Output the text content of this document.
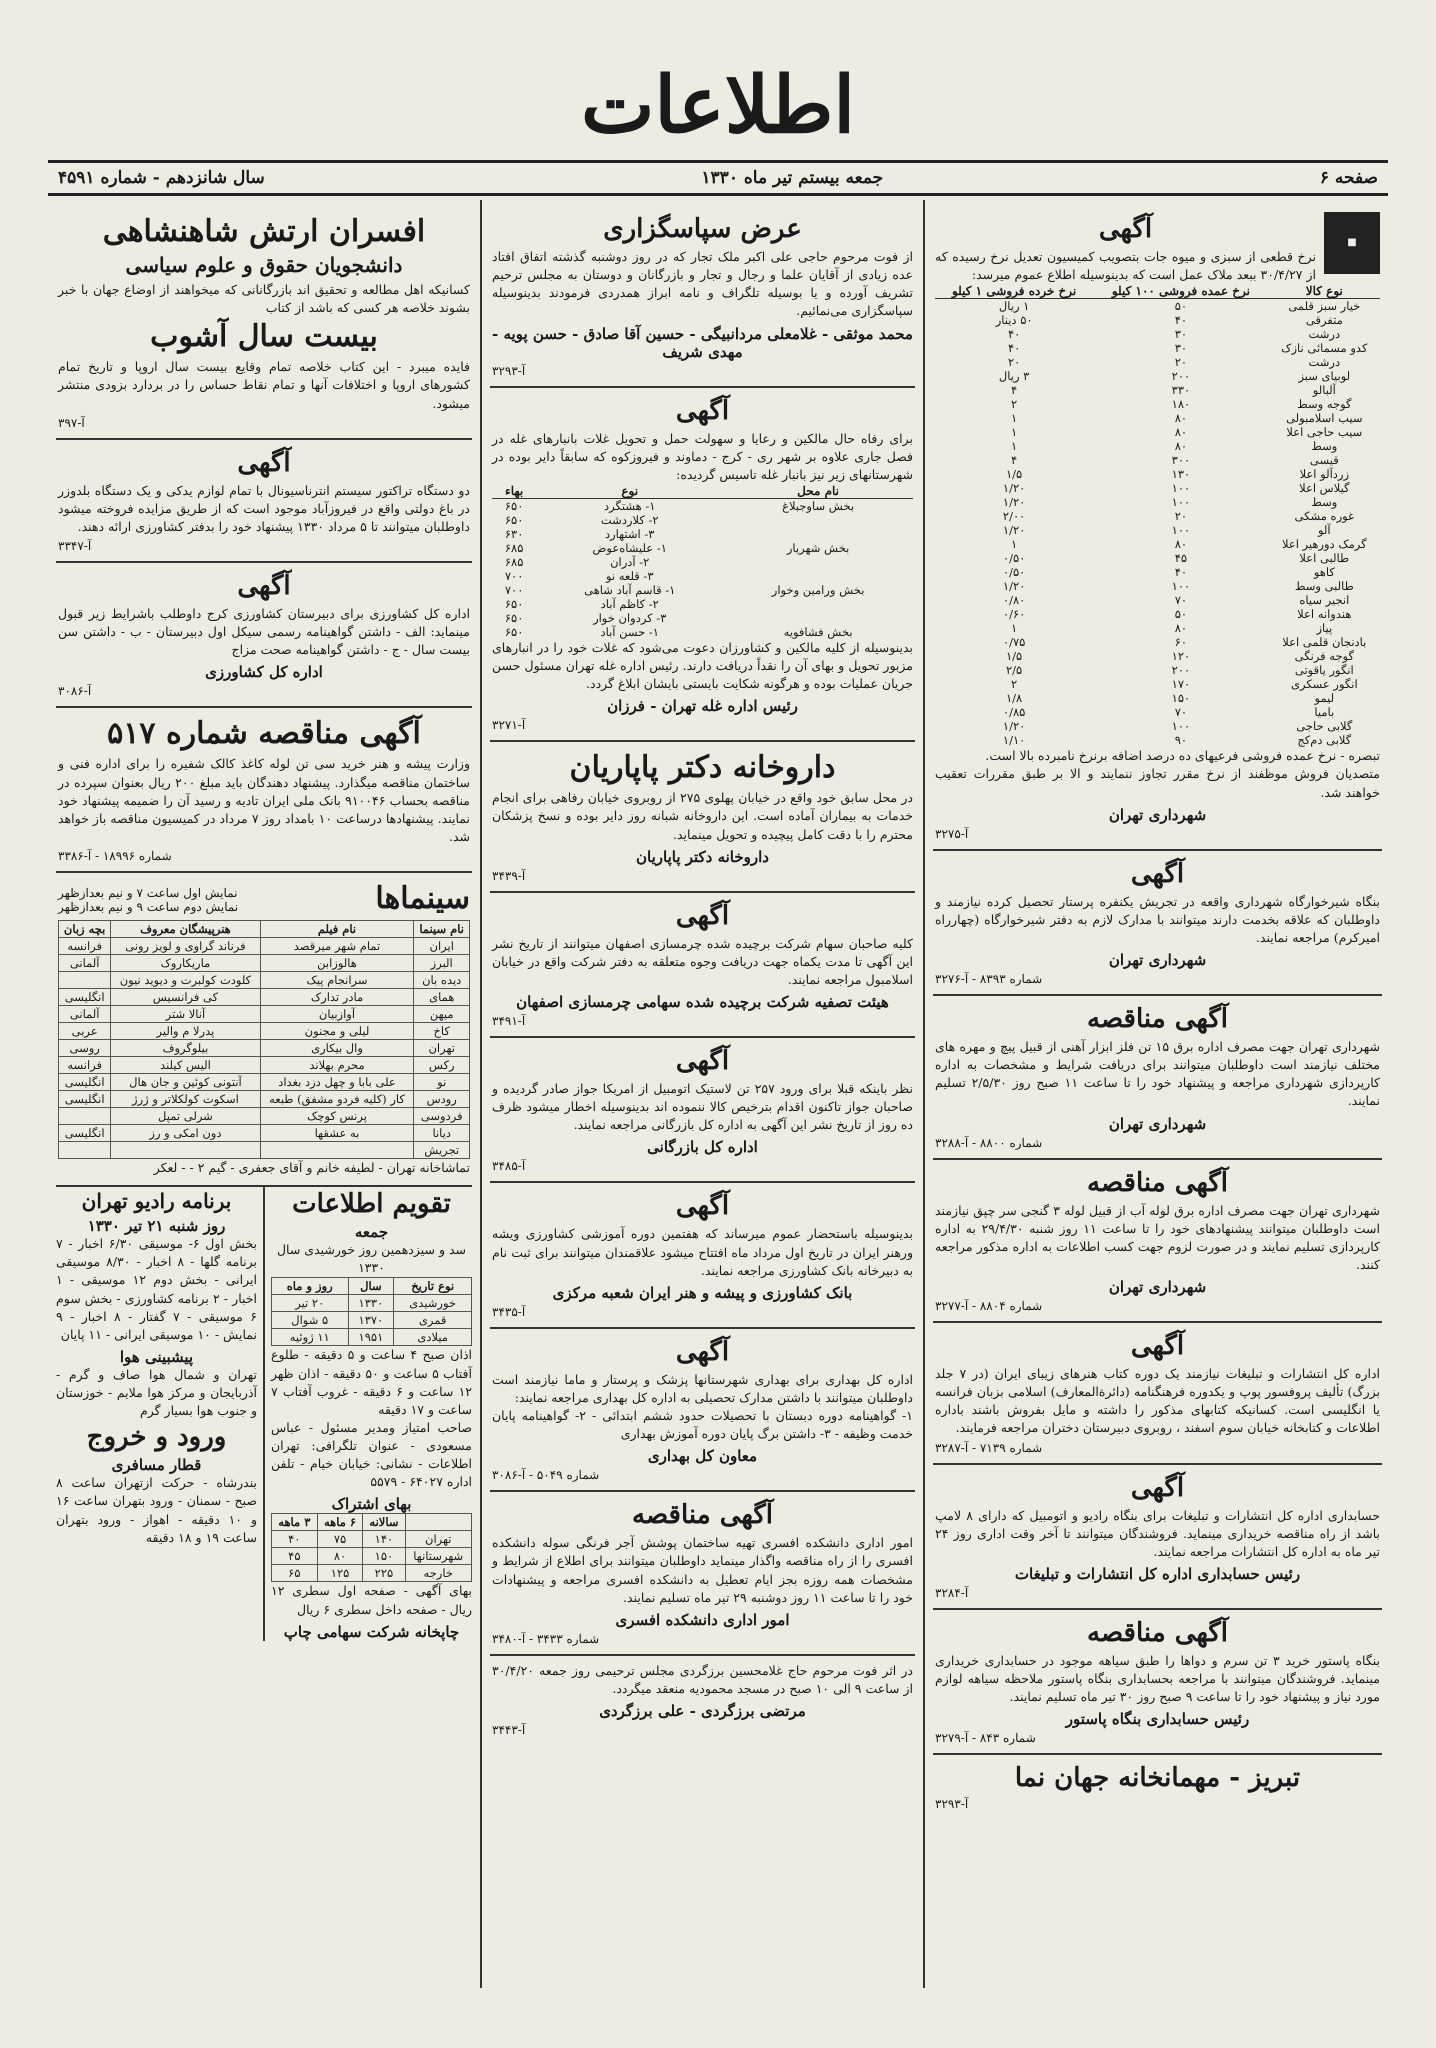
اطلاعات
صفحه ۶
جمعه بیستم تیر ماه ۱۳۳۰
سال شانزدهم - شماره ۴۵۹۱
■
آگهی
نرخ قطعی از سبزی و میوه جات بتصویب کمیسیون تعدیل نرخ رسیده که از ۳۰/۴/۲۷ ببعد ملاک عمل است که بدینوسیله اطلاع عموم میرسد:
نوع کالا	نرخ عمده فروشی ۱۰۰ کیلو	نرخ خرده فروشی ۱ کیلو
خیار سبز قلمی	۵۰	۱ ریال
متفرقی	۴۰	۵۰ دینار
درشت	۳۰	۴۰
کدو مسمائی نازک	۳۰	۴۰
درشت	۲۰	۲۰
لوبیای سبز	۲۰۰	۳ ریال
آلبالو	۳۳۰	۴
گوجه وسط	۱۸۰	۲
سیب اسلامبولی	۸۰	۱
سیب حاجی اعلا	۸۰	۱
وسط	۸۰	۱
قیسی	۳۰۰	۴
زردآلو اعلا	۱۳۰	۱/۵
گیلاس اعلا	۱۰۰	۱/۲۰
وسط	۱۰۰	۱/۲۰
غوره مشکی	۲۰	۲/۰۰
آلو	۱۰۰	۱/۲۰
گرمک دورهیر اعلا	۸۰	۱
طالبی اعلا	۴۵	۰/۵۰
کاهو	۴۰	۰/۵۰
طالبی وسط	۱۰۰	۱/۲۰
انجیر سیاه	۷۰	۰/۸۰
هندوانه اعلا	۵۰	۰/۶۰
پیاز	۸۰	۱
بادنجان قلمی اعلا	۶۰	۰/۷۵
گوجه فرنگی	۱۲۰	۱/۵
انگور یاقوتی	۲۰۰	۲/۵
انگور عسکری	۱۷۰	۲
لیمو	۱۵۰	۱/۸
بامیا	۷۰	۰/۸۵
گلابی حاجی	۱۰۰	۱/۲۰
گلابی دم‌کج	۹۰	۱/۱۰
تبصره - نرخ عمده فروشی فرعیهای ده درصد اضافه برنرخ نامبرده بالا است.
متصدیان فروش موظفند از نرخ مقرر تجاوز ننمایند و الا بر طبق مقررات تعقیب خواهند شد.
شهرداری تهران
آ-۳۲۷۵
آگهی
بنگاه شیرخوارگاه شهرداری واقعه در تجریش یکنفره پرستار تحصیل کرده نیازمند و داوطلبان که علاقه بخدمت دارند میتوانند با مدارک لازم به دفتر شیرخوارگاه (چهارراه امیرکرم) مراجعه نمایند.
شهرداری تهران
شماره ۸۳۹۳ - آ-۳۲۷۶
آگهی مناقصه
شهرداری تهران جهت مصرف اداره برق ۱۵ تن فلز ابزار آهنی از قبیل پیچ و مهره های مختلف نیازمند است داوطلبان میتوانند برای دریافت شرایط و مشخصات به اداره کارپردازی شهرداری مراجعه و پیشنهاد خود را تا ساعت ۱۱ صبح روز ۲/۵/۳۰ تسلیم نمایند.
شهرداری تهران
شماره ۸۸۰۰ - آ-۳۲۸۸
آگهی مناقصه
شهرداری تهران جهت مصرف اداره برق لوله آب از قبیل لوله ۳ گنجی سر چپق نیازمند است داوطلبان میتوانند پیشنهادهای خود را تا ساعت ۱۱ روز شنبه ۲۹/۴/۳۰ به اداره کارپردازی تسلیم نمایند و در صورت لزوم جهت کسب اطلاعات به اداره مذکور مراجعه کنند.
شهرداری تهران
شماره ۸۸۰۴ - آ-۳۲۷۷
آگهی
اداره کل انتشارات و تبلیغات نیازمند یک دوره کتاب هنرهای زیبای ایران (در ۷ جلد بزرگ) تألیف پروفسور پوپ و یکدوره فرهنگنامه (دائرةالمعارف) اسلامی بزبان فرانسه یا انگلیسی است. کسانیکه کتابهای مذکور را داشته و مایل بفروش باشند باداره اطلاعات و کتابخانه خیابان سوم اسفند ، روبروی دبیرستان دختران مراجعه فرمایند.
شماره ۷۱۳۹ - آ-۳۲۸۷
آگهی
حسابداری اداره کل انتشارات و تبلیغات برای بنگاه رادیو و اتومبیل که دارای ۸ لامپ باشد از راه مناقصه خریداری مینماید. فروشندگان میتوانند تا آخر وقت اداری روز ۲۴ تیر ماه به اداره کل انتشارات مراجعه نمایند.
رئیس حسابداری اداره کل انتشارات و تبلیغات
آ-۳۲۸۴
آگهی مناقصه
بنگاه پاستور خرید ۳ تن سرم و دواها را طبق سیاهه موجود در حسابداری خریداری مینماید. فروشندگان میتوانند با مراجعه بحسابداری بنگاه پاستور ملاحظه سیاهه لوازم مورد نیاز و پیشنهاد خود را تا ساعت ۹ صبح روز ۳۰ تیر ماه تسلیم نمایند.
رئیس حسابداری بنگاه پاستور
شماره ۸۴۳ - آ-۳۲۷۹
تبریز - مهمانخانه جهان نما
آ-۳۲۹۳
عرض سپاسگزاری
از فوت مرحوم حاجی علی اکبر ملک تجار که در روز دوشنبه گذشته اتفاق افتاد عده زیادی از آقایان علما و رجال و تجار و بازرگانان و دوستان به مجلس ترحیم تشریف آورده و یا بوسیله تلگراف و نامه ابراز همدردی فرمودند بدینوسیله سپاسگزاری می‌نمائیم.
محمد موثقی - غلامعلی مردانبیگی - حسین آقا صادق - حسن پویه - مهدی شریف
آ-۳۲۹۳
آگهی
برای رفاه حال مالکین و رعایا و سهولت حمل و تحویل غلات بانبارهای غله در فصل جاری علاوه بر شهر ری - کرج - دماوند و فیروزکوه که سابقاً دایر بوده در شهرستانهای زیر نیز بانبار غله تاسیس گردیده:
نام محل	نوع	بهاء
بخش ساوجبلاغ	۱- هشتگرد	۶۵۰
	۲- کلاردشت	۶۵۰
	۳- اشتهارد	۶۳۰
بخش شهریار	۱- علیشاه‌عوض	۶۸۵
	۲- آدران	۶۸۵
	۳- قلعه نو	۷۰۰
بخش ورامین وخوار	۱- قاسم آباد شاهی	۷۰۰
	۲- کاظم آباد	۶۵۰
	۳- کردوان خوار	۶۵۰
بخش فشافویه	۱- حسن آباد	۶۵۰
بدینوسیله از کلیه مالکین و کشاورزان دعوت می‌شود که غلات خود را در انبارهای مزبور تحویل و بهای آن را نقداً دریافت دارند. رئیس اداره غله تهران مسئول حسن جریان عملیات بوده و هرگونه شکایت بایستی بایشان ابلاغ گردد.
رئیس اداره غله تهران - فرزان
آ-۳۲۷۱
داروخانه دکتر پاپاریان
در محل سابق خود واقع در خیابان پهلوی ۲۷۵ از روبروی خیابان رفاهی برای انجام خدمات به بیماران آماده است. این داروخانه شبانه روز دایر بوده و نسخ پزشکان محترم را با دقت کامل پیچیده و تحویل مینماید.
داروخانه دکتر پاپاریان
آ-۳۴۳۹
آگهی
کلیه صاحبان سهام شرکت برچیده شده چرمسازی اصفهان میتوانند از تاریخ نشر این آگهی تا مدت یکماه جهت دریافت وجوه متعلقه به دفتر شرکت واقع در خیابان اسلامبول مراجعه نمایند.
هیئت تصفیه شرکت برچیده شده سهامی چرمسازی اصفهان
آ-۳۴۹۱
آگهی
نظر باینکه قبلا برای ورود ۲۵۷ تن لاستیک اتومبیل از امریکا جواز صادر گردیده و صاحبان جواز تاکنون اقدام بترخیص کالا ننموده اند بدینوسیله اخطار میشود ظرف ده روز از تاریخ نشر این آگهی به اداره کل بازرگانی مراجعه نمایند.
اداره کل بازرگانی
آ-۳۴۸۵
آگهی
بدینوسیله باستحضار عموم میرساند که هفتمین دوره آموزشی کشاورزی ویشه ورهنر ایران در تاریخ اول مرداد ماه افتتاح میشود علاقمندان میتوانند برای ثبت نام به دبیرخانه بانک کشاورزی مراجعه نمایند.
بانک کشاورزی و پیشه و هنر ایران شعبه مرکزی
آ-۳۴۳۵
آگهی
اداره کل بهداری برای بهداری شهرستانها پزشک و پرستار و ماما نیازمند است داوطلبان میتوانند با داشتن مدارک تحصیلی به اداره کل بهداری مراجعه نمایند:
۱- گواهینامه دوره دبستان با تحصیلات حدود ششم ابتدائی - ۲- گواهینامه پایان خدمت وظیفه - ۳- داشتن برگ پایان دوره آموزش بهداری
معاون کل بهداری
شماره ۵۰۴۹ - آ-۳۰۸۶
آگهی مناقصه
امور اداری دانشکده افسری تهیه ساختمان پوشش آجر فرنگی سوله دانشکده افسری را از راه مناقصه واگذار مینماید داوطلبان میتوانند برای اطلاع از شرایط و مشخصات همه روزه بجز ایام تعطیل به دانشکده افسری مراجعه و پیشنهادات خود را تا ساعت ۱۱ روز دوشنبه ۲۹ تیر ماه تسلیم نمایند.
امور اداری دانشکده افسری
شماره ۳۴۳۳ - آ-۳۴۸۰
در اثر فوت مرحوم حاج غلامحسین برزگردی مجلس ترحیمی روز جمعه ۳۰/۴/۲۰ از ساعت ۹ الی ۱۰ صبح در مسجد محمودیه منعقد میگردد.
مرتضی برزگردی - علی برزگردی
آ-۳۴۴۳
افسران ارتش شاهنشاهی
دانشجویان حقوق و علوم سیاسی
کسانیکه اهل مطالعه و تحقیق اند بازرگانانی که میخواهند از اوضاع جهان با خبر بشوند خلاصه هر کسی که باشد از کتاب
بیست سال آشوب
فایده میبرد - این کتاب خلاصه تمام وقایع بیست سال اروپا و تاریخ تمام کشورهای اروپا و اختلافات آنها و تمام نقاط حساس را در بردارد بزودی منتشر میشود.
آ-۳۹۷
آگهی
دو دستگاه تراکتور سیستم انترناسیونال با تمام لوازم یدکی و یک دستگاه بلدوزر در باغ دولتی واقع در فیروزآباد موجود است که از طریق مزایده فروخته میشود داوطلبان میتوانند تا ۵ مرداد ۱۳۳۰ پیشنهاد خود را بدفتر کشاورزی ارائه دهند.
آ-۳۳۴۷
آگهی
اداره کل کشاورزی برای دبیرستان کشاورزی کرج داوطلب باشرایط زیر قبول مینماید: الف - داشتن گواهینامه رسمی سیکل اول دبیرستان - ب - داشتن سن بیست سال - ج - داشتن گواهینامه صحت مزاج
اداره کل کشاورزی
آ-۳۰۸۶
آگهی مناقصه شماره ۵۱۷
وزارت پیشه و هنر خرید سی تن لوله کاغذ کالک شفیره را برای اداره فنی و ساختمان مناقصه میگذارد. پیشنهاد دهندگان باید مبلغ ۲۰۰ ریال بعنوان سپرده در مناقصه بحساب ۹۱۰۰۴۶ بانک ملی ایران تادیه و رسید آن را ضمیمه پیشنهاد خود نمایند. پیشنهادها درساعت ۱۰ بامداد روز ۷ مرداد در کمیسیون مناقصه باز خواهد شد.
شماره ۱۸۹۹۶ - آ-۳۳۸۶
سینماها
نمایش اول ساعت ۷ و نیم بعدازظهر
نمایش دوم ساعت ۹ و نیم بعدازظهر
نام سینما	نام فیلم	هنرپیشگان معروف	بچه زبان
ایران	تمام شهر میرقصد	فرناند گراوی و لویز رونی	فرانسه
البرز	هالوزابن	ماریکاروک	آلمانی
دیده بان	سرانجام پیک	کلودت کولبرت و دیوید نیون	
همای	مادر تدارک	کی فرانسیس	انگلیسی
میهن	آوازبیان	آنالا شتر	آلمانی
کاخ	لیلی و مجنون	پدرلا م والیر	عربی
تهران	وال بیکاری	بیلوگروف	روسی
رکس	محرم بهلاند	الیس کیلند	فرانسه
نو	علی بابا و چهل دزد بغداد	آنتونی کوئین و جان هال	انگلیسی
رودس	کار (کلیه فردو مشفق) طبعه	اسکوت کولکلاتر و ژرژ	انگلیسی
فردوسی	پرنس کوچک	شرلی تمپل	
دیانا	به عشقها	دون امکی و رز	انگلیسی
تجریش			
تماشاخانه تهران - لطیفه خانم و آقای جعفری - گیم ۲ - - لعکر
تقویم اطلاعات
جمعه
سد و سیزدهمین روز خورشیدی سال ۱۳۳۰
نوع تاریخ	سال	روز و ماه
خورشیدی	۱۳۳۰	۲۰ تیر
قمری	۱۳۷۰	۵ شوال
میلادی	۱۹۵۱	۱۱ ژوئیه
اذان صبح ۴ ساعت و ۵ دقیقه - طلوع آفتاب ۵ ساعت و ۵۰ دقیقه - اذان ظهر ۱۲ ساعت و ۶ دقیقه - غروب آفتاب ۷ ساعت و ۱۷ دقیقه
صاحب امتیاز ومدیر مسئول - عباس مسعودی - عنوان تلگرافی: تهران اطلاعات - نشانی: خیابان خیام - تلفن اداره ۶۴۰۲۷ - ۵۵۷۹
بهای اشتراک
	سالانه	۶ ماهه	۳ ماهه
تهران	۱۴۰	۷۵	۴۰
شهرستانها	۱۵۰	۸۰	۴۵
خارجه	۲۲۵	۱۲۵	۶۵
بهای آگهی - صفحه اول سطری ۱۲ ریال - صفحه داخل سطری ۶ ریال
چاپخانه شرکت سهامی چاپ
برنامه رادیو تهران
روز شنبه ۲۱ تیر ۱۳۳۰
بخش اول ۶- موسیقی ۶/۳۰ اخبار - ۷ برنامه گلها - ۸ اخبار - ۸/۳۰ موسیقی ایرانی - بخش دوم ۱۲ موسیقی - ۱ اخبار - ۲ برنامه کشاورزی - بخش سوم ۶ موسیقی - ۷ گفتار - ۸ اخبار - ۹ نمایش - ۱۰ موسیقی ایرانی - ۱۱ پایان
پیشبینی هوا
تهران و شمال هوا صاف و گرم - آذربایجان و مرکز هوا ملایم - خوزستان و جنوب هوا بسیار گرم
ورود و خروج
قطار مسافری
بندرشاه - حرکت ازتهران ساعت ۸ صبح - سمنان - ورود بتهران ساعت ۱۶ و ۱۰ دقیقه - اهواز - ورود بتهران ساعت ۱۹ و ۱۸ دقیقه
